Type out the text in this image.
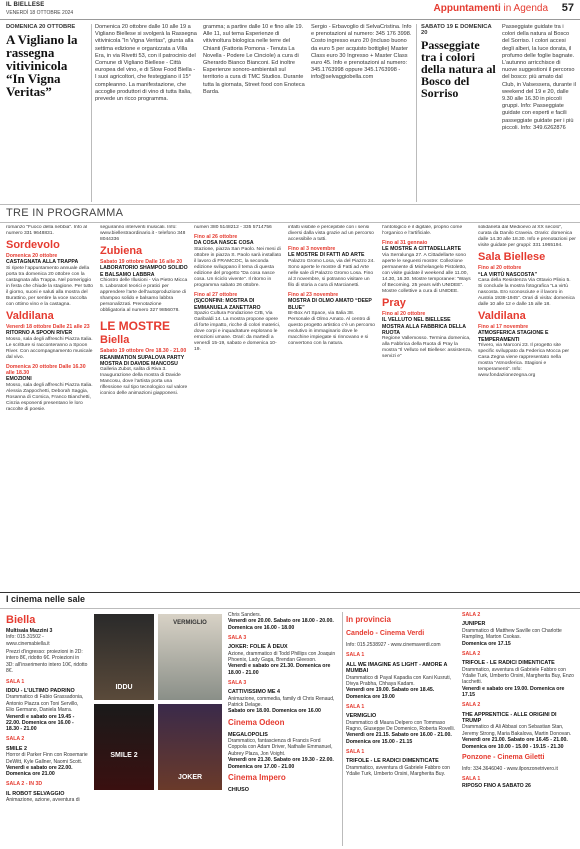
IL BIELLESE
VENERDÌ 18 OTTOBRE 2024	Appuntamenti in Agenda 57
DOMENICA 20 OTTOBRE
A Vigliano la rassegna vitivinicola “In Vigna Veritas”
Domenica 20 ottobre dalle 10 alle 19 a Vigliano Biellese si svolgerà la Rassegna vitivinicola “In Vigna Veritas”, giunta alla settima edizione e organizzata a Villa Era, in via Rivetti 53, con il patrocinio del Comune di Vigliano Biellese - Città europea del vino, e di Slow Food Biella - I suoi agricoltori, che festeggiano il 15° compleanno. La manifestazione, che accoglie produttori di vino di tutta Italia, prevede un ricco programma.
gramma; a partire dalle 10 e fino alle 19. Alle 11, sul tema Esperienze di vitivinoltura biologica nelle terre del Chianti (Fattoria Pomona - Tenuta La Novella - Podere Le Cinciole) a cura di Gherardo Bianco Bianconi. Ed inoltre Esperienze sonoro-ambientali sul territorio a cura di TMC Studios. Durante tutta la giornata, Street food con Enoteca Barda.
Sergio - Erbavoglio di SelvaCristina. Info e prenotazioni al numero: 345 176 3998. Costo ingresso euro 20 (incluso buono da euro 5 per acquisto bottiglie) Master Class euro 30 Ingresso + Master Class euro 45. Info e prenotazioni al numero: 345.1763998 oppure 345.1763998 - info@selvaggiobella.com
SABATO 19 E DOMENICA 20
Passeggiate tra i colori della natura al Bosco del Sorriso
Passeggiate guidate tra i colori della natura al Bosco del Sorriso. I colori accesi degli alberi, la luce dorata, il profumo delle foglie bagnate. L’autunno arricchisce di nuove suggestioni il percorso del bosco: più amato dal Club, in Valsessera, durante il weekend del 19 e 20, dalle 9.30 alle 16.30 in piccoli gruppi. Info: Passeggiate guidate con esperti e facili passeggiate guidate per i più piccoli. Info: 349.6262876
TRE IN PROGRAMMA
romanzo “Fuoco della nebbia”. Info al numero 331 9648831.
Sordevolo
Domenica 20 ottobre
CASTAGNATA ALLA TRAPPA
Si ripete l’appuntamento annuale della porta tra domenica 20 ottobre con la castagnata alla Trappa. Nel pomeriggio in festa che chiude la stagione. Per tutto il giorno, suoni e saluti alla mostra del Burattino, per sentire la voce raccolta con ottimo vino e la castagna.
Valdilana
Venerdì 18 ottobre Dalle 21 alle 23
RITORNO A SPOON RIVER
Mosso, sala degli affreschi Piazza Italia. Le scritture si racconteranno a Spoon River. Con accompagnamento musicale dal vivo.
Domenica 20 ottobre Dalle 16.30 alle 18.30
EMOZIONI
Mosso, sala degli affreschi Piazza Italia. Alessia Zappochetti, Deborah Saggia, Rosanna di Corsica, Franco Bianchetti, Cinzia esponenti presentano le loro raccolte di poesie.
seguiranno interventi musicali. Info: www.biellestraordinario.it - telefono 348 8044336
Zubiena
Sabato 19 ottobre Dalle 16 alle 20
LABORATORIO SHAMPOO SOLIDO E BALSAMO LABBRA
Chiostro delle Illusioni - Via Pietro Micca 5. Laboratori teorici e pratici per apprendere l’arte dell’autoproduzione di shampoo solido e balsamo labbra personalizzati. Prenotazione obbligatoria al numero 327 9856078.
LE MOSTRE
Biella
Sabato 19 ottobre Ore 18.30 - 21.00
REANIMATION SUPALOVA PARTY MOSTRA DI DAVIDE MANCOSU
Galleria Zubot, salita di Riva 3. Inaugurazione della mostra di Davide Mancosu, dove l’artista porta una riflessione sul tipo tecnologico sul valore iconico delle animazioni giapponesi.
numeri 380 5148212 - 335 5714756
Fino al 26 ottobre
DA COSA NASCE COSA
Stazione, piazza San Paolo. Nei mesi di ottobre in piazza S. Paolo sarà installato il lavoro di FRAMCOC, la seconda edizione sviluppano il tema di questa edizione del progetto “Da cosa nasce cosa. Un riciclo vivente”. Il ritorno in programma sabato 26 ottobre.
Fino al 27 ottobre
(S)CONFINI: MOSTRA DI EMMANUELA ZANETTARO
Spazio Cultura Fondazione CrB, Via Garibaldi 14. La mostra propone opere di forte impatto, ricche di colori materici, dove corpi e inquadrature esplorano le emozioni umane. Orari: da martedì a venerdì 15-19, sabato e domenica 10-19.
infatti visibile e percepibile con i sensi diversi dalla vista grazie ad un percorso accessibile a tutti.
Fino al 3 novembre
LE MOSTRE DI FATTI AD ARTE
Palazzo Gromo Losa, via del Piazzo 24. Sono aperte le mostre di Fatti ad Arte nelle sale di Palazzo Gromo Losa. Fino al 3 novembre, si potranno visitare un filo di storia a cura di Marcianetti.
Fino al 23 novembre
MOSTRA DI OLMO AMATO “DEEP BLUE”
BI-Box Art Space, via Italia 38. Personale di Olmo Amato. Al centro di questo progetto artistico c’è un percorso evolutivo in immaginario dove le macchine impiegate si rinnovano e si convertono con la natura.
l’antologico e il digitale, proprio come l’organico e l’artificiale.
Fino al 31 gennaio
LE MOSTRE A CITTADELLARTE
Via Serralunga 27. A Cittadellarte sono aperte le seguenti mostre: Collezione permanente di Michelangelo Pistoletto, con visite guidate il weekend alle 11.00, 14.30, 16.30. Mostre temporanee: “Ways of Becoming. 25 years with UNIDEE”. Mostre collettive a cura di UNIDEE.
Pray
Fino al 20 ottobre
IL VELLUTO NEL BIELLESE MOSTRA ALLA FABBRICA DELLA RUOTA
Regione Vallemosso. Termina domenica, alla Fabbrica della Ruota di Pray la mostra “Il Velluto nel Biellese: assistenza, servizi e”
solidarietà dal Medioevo al XX secolo”, curata da Danilo Craveia. Orario: domenica dalle 14.30 alle 18.30. Info e prenotazioni per visite guidate per gruppi: 331 1965194.
Sala Biellese
Fino al 20 ottobre
“LA VIRTÙ NASCOSTA”
Casa della Resistenza Via Ottavio Plinio 5. Si conclude la mostra fotografica “La virtù nascosta. Ero sconosciute e il lavoro in Austria 1938-1945”. Orari di visita: domenica dalle 10 alle 12 e dalle 15 alle 18.
Valdilana
Fino al 17 novembre
ATMOSFERICA STAGIONE E TEMPERAMENTI
Trivero, via Marconi 23. Il progetto site specific sviluppato da Federica Mocca per Casa Zegna viene rappresentato nella mostra “Atmosferica. Stagioni e temperamenti”. Info: www.fondazionezegna.org
I cinema nelle sale
Biella
Multisala Mazzini 3
Info: 015.31502 - www.cinemabiella.it
Prezzi d’ingresso: proiezioni in 2D: intero 8€, ridotto 6€. Proiezioni in 3D: all’inserimento intero 10€, ridotto 8€.
SALA 1
IDDU - L’ULTIMO PADRINO
Drammatico di Fabio Grassadonia, Antonio Piazza con Toni Servillo, Elio Germano, Daniela Marra.
Venerdì e sabato ore 19.45 - 22.00. Domenica ore 16.00 - 18.30 - 21.00
SALA 2
SMILE 2
Horror di Parker Finn con Rosemarie DeWitt, Kyle Gallner, Naomi Scott.
Venerdì e sabato ore 22.00. Domenica ore 21.00
SALA 2 - IN 3D
IL ROBOT SELVAGGIO
Animazione, azione, avventura di
IDDU
VERMIGLIO
SMILE 2
JOKER
Chris Sanders.
Venerdì ore 20.00. Sabato ore 18.00 - 20.00. Domenica ore 16.00 - 18.00
SALA 3
JOKER: FOLIE À DEUX
Azione, drammatico di Todd Phillips con Joaquin Phoenix, Lady Gaga, Brendan Gleeson.
Venerdì e sabato ore 21.30. Domenica ore 18.00 - 21.00
SALA 3
CATTIVISSIMO ME 4
Animazione, commedia, family di Chris Renaud, Patrick Delage.
Sabato ore 18.00. Domenica ore 16.00
Cinema Odeon
MEGALOPOLIS
Drammatico, fantascienza di Francis Ford Coppola con Adam Driver, Nathalie Emmanuel, Aubrey Plaza, Jon Voight.
Venerdì ore 21.30. Sabato ore 19.30 - 22.00. Domenica ore 17.00 - 21.00
Cinema Impero
CHIUSO
In provincia
Candelo - Cinema Verdi
Info: 015.2538927 - www.cinemaverdi.com
SALA 1
ALL WE IMAGINE AS LIGHT - AMORE A MUMBAI
Drammatico di Payal Kapadia con Kani Kusruti, Divya Prabha, Chhaya Kadam.
Venerdì ore 19.00. Sabato ore 18.45. Domenica ore 19.00
SALA 1
VERMIGLIO
Drammatico di Maura Delpero con Tommaso Ragno, Giuseppe De Domenico, Roberta Rovelli.
Venerdì ore 21.15. Sabato ore 16.00 - 21.00. Domenica ore 15.00 - 21.15
SALA 1
TRIFOLE - LE RADICI DIMENTICATE
Drammatico, avventura di Gabriele Fabbro con Ydalie Turk, Umberto Orsini, Margherita Buy.
SALA 2
JUNIPER
Drammatico di Matthew Saville con Charlotte Rampling, Marton Csokas.
Domenica ore 17.15
SALA 2
TRIFOLE - LE RADICI DIMENTICATE
Drammatico, avventura di Gabriele Fabbro con Ydalie Turk, Umberto Orsini, Margherita Buy, Enzo Iacchetti.
Venerdì e sabato ore 19.00. Domenica ore 17.15
SALA 2
THE APPRENTICE - ALLE ORIGINI DI TRUMP
Drammatico di Ali Abbasi con Sebastian Stan, Jeremy Strong, Maria Bakalova, Martin Donovan.
Venerdì ore 21.00. Sabato ore 16.45 - 21.00. Domenica ore 10.00 - 15.00 - 19.15 - 21.30
Ponzone - Cinema Giletti
Info: 334.3646040 - www.ilponzonetrivero.it
SALA 1
RIPOSO FINO A SABATO 26
